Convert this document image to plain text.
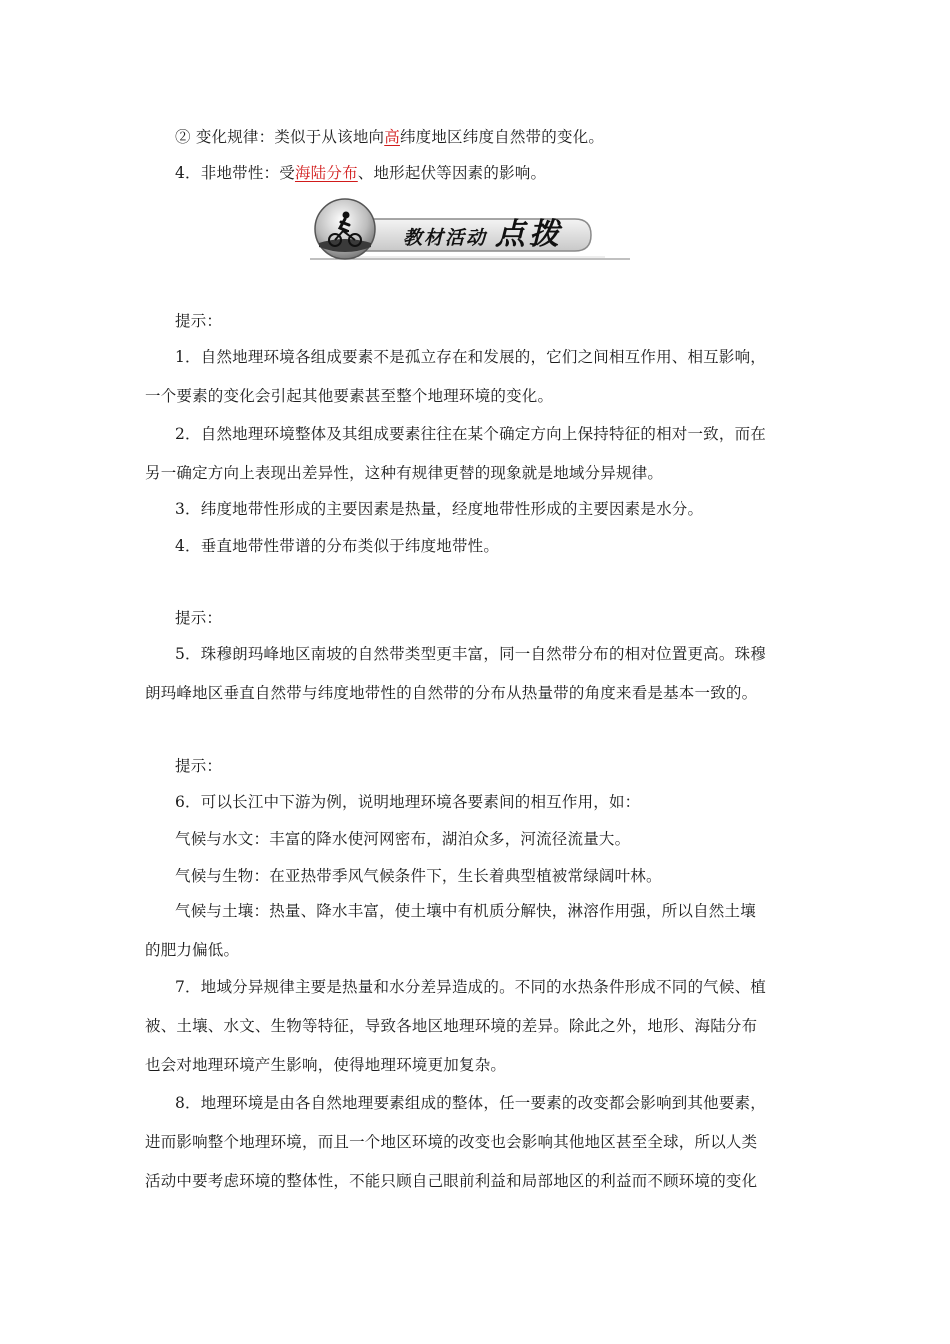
② 变化规律：类似于从该地向高纬度地区纬度自然带的变化。
4．非地带性：受海陆分布、地形起伏等因素的影响。
教材活动 点拨
提示：
1．自然地理环境各组成要素不是孤立存在和发展的，它们之间相互作用、相互影响，
一个要素的变化会引起其他要素甚至整个地理环境的变化。
2．自然地理环境整体及其组成要素往往在某个确定方向上保持特征的相对一致，而在
另一确定方向上表现出差异性，这种有规律更替的现象就是地域分异规律。
3．纬度地带性形成的主要因素是热量，经度地带性形成的主要因素是水分。
4．垂直地带性带谱的分布类似于纬度地带性。
提示：
5．珠穆朗玛峰地区南坡的自然带类型更丰富，同一自然带分布的相对位置更高。珠穆
朗玛峰地区垂直自然带与纬度地带性的自然带的分布从热量带的角度来看是基本一致的。
提示：
6．可以长江中下游为例，说明地理环境各要素间的相互作用，如：
气候与水文：丰富的降水使河网密布，湖泊众多，河流径流量大。
气候与生物：在亚热带季风气候条件下，生长着典型植被常绿阔叶林。
气候与土壤：热量、降水丰富，使土壤中有机质分解快，淋溶作用强，所以自然土壤
的肥力偏低。
7．地域分异规律主要是热量和水分差异造成的。不同的水热条件形成不同的气候、植
被、土壤、水文、生物等特征，导致各地区地理环境的差异。除此之外，地形、海陆分布
也会对地理环境产生影响，使得地理环境更加复杂。
8．地理环境是由各自然地理要素组成的整体，任一要素的改变都会影响到其他要素，
进而影响整个地理环境，而且一个地区环境的改变也会影响其他地区甚至全球，所以人类
活动中要考虑环境的整体性，不能只顾自己眼前利益和局部地区的利益而不顾环境的变化
